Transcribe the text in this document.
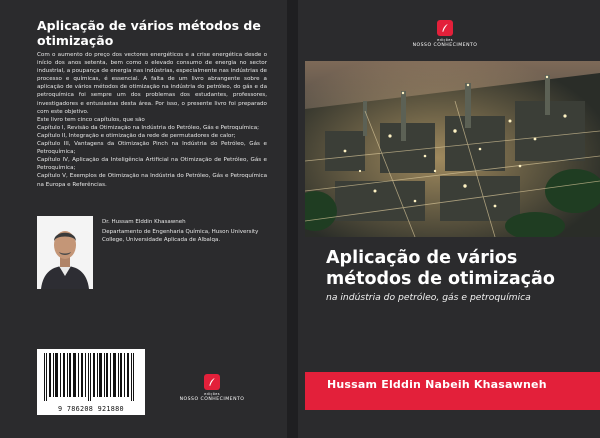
Aplicação de vários métodos de otimização

Com o aumento do preço dos vectores energéticos e a crise energética desde o início dos anos setenta, bem como o elevado consumo de energia no sector industrial, a poupança de energia nas indústrias, especialmente nas indústrias de processo e químicas, é essencial. A falta de um livro abrangente sobre a aplicação de vários métodos de otimização na indústria do petróleo, do gás e da petroquímica foi sempre um dos problemas dos estudantes, professores, investigadores e entusiastas desta área. Por isso, o presente livro foi preparado com este objetivo.

Este livro tem cinco capítulos, que são

Capítulo I, Revisão da Otimização na Indústria do Petróleo, Gás e Petroquímica;

Capítulo II, Integração e otimização da rede de permutadores de calor;

Capítulo III, Vantagens da Otimização Pinch na Indústria do Petróleo, Gás e Petroquímica;

Capítulo IV, Aplicação da Inteligência Artificial na Otimização de Petróleo, Gás e Petroquímica;

Capítulo V, Exemplos de Otimização na Indústria do Petróleo, Gás e Petroquímica na Europa e Referências.

Dr. Hussam Elddin Khasawneh

Departamento de Engenharia Química, Huson University College, Universidade Aplicada de Albalqa.

9 786208 921880
edições
NOSSO CONHECIMENTO
edições
NOSSO CONHECIMENTO
Aplicação de vários métodos de otimização

na indústria do petróleo, gás e petroquímica

Hussam Elddin Nabeih Khasawneh
